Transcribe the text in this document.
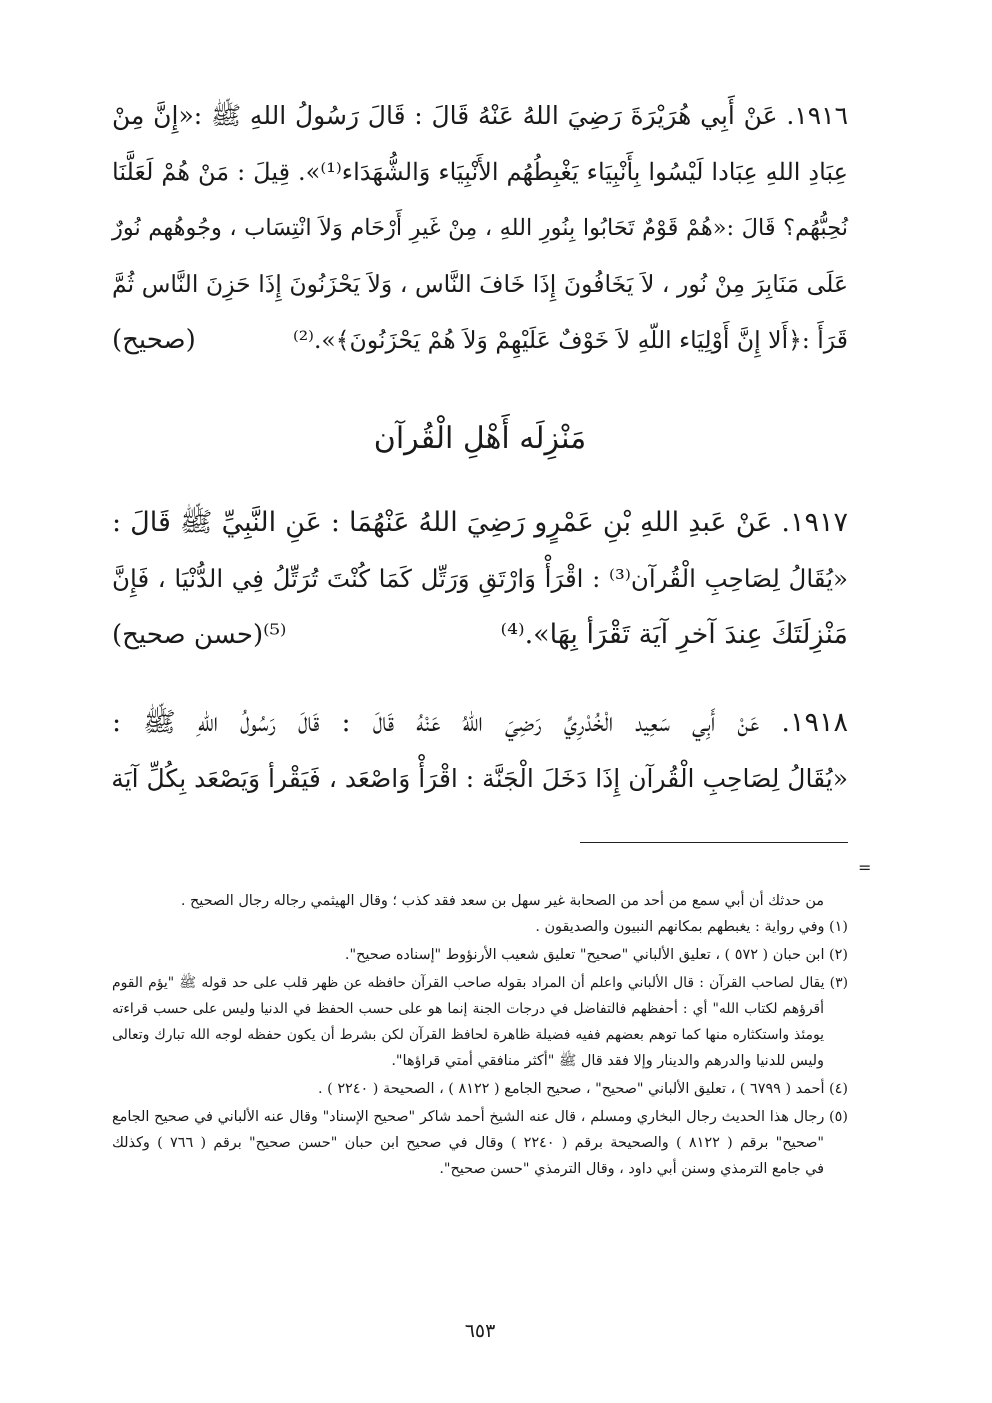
١٩١٦. عَنْ أَبِي هُرَيْرَةَ رَضِيَ اللهُ عَنْهُ قَالَ : قَالَ رَسُولُ اللهِ ﷺ :«إِنَّ مِنْ
عِبَادِ اللهِ عِبَادا لَيْسُوا بِأَنْبِيَاء يَغْبِطُهُم الأَنْبِيَاء وَالشُّهَدَاء⁽¹⁾». قِيلَ : مَنْ هُمْ لَعَلَّنَا
نُحِبُّهُم؟ قَالَ :«هُمْ قَوْمٌ تَحَابُوا بِنُورِ اللهِ ، مِنْ غَيرِ أَرْحَام وَلاَ انْتِسَاب ، وجُوهُهم نُورٌ
عَلَى مَنَابِرَ مِنْ نُور ، لاَ يَخَافُونَ إِذَا خَافَ النَّاس ، وَلاَ يَحْزَنُونَ إِذَا حَزِنَ النَّاس ثُمَّ
قَرَأَ :﴿أَلا إِنَّ أَوْلِيَاء اللّهِ لاَ خَوْفٌ عَلَيْهِمْ وَلاَ هُمْ يَحْزَنُونَ﴾».⁽²⁾
(صحيح)
مَنْزِلَه أَهْلِ الْقُرآن
١٩١٧. عَنْ عَبدِ اللهِ بْنِ عَمْرٍو رَضِيَ اللهُ عَنْهُمَا : عَنِ النَّبِيِّ ﷺ قَالَ :
«يُقَالُ لِصَاحِبِ الْقُرآن⁽³⁾ : اقْرَأْ وَارْتَقِ وَرَتِّل كَمَا كُنْتَ تُرَتِّلُ فِي الدُّنْيَا ، فَإِنَّ
مَنْزِلَتَكَ عِندَ آخرِ آيَة تَقْرَأ بِهَا».⁽⁴⁾
⁽⁵⁾(حسن صحيح)
١٩١٨. عَنْ أَبِي سَعِيد الْخُدْرِيِّ رَضِيَ اللهُ عَنْهُ قَالَ : قَالَ رَسُولُ اللهِ ﷺ :
«يُقَالُ لِصَاحِبِ الْقُرآن إِذَا دَخَلَ الْجَنَّة : اقْرَأْ وَاصْعَد ، فَيَقْرأ وَيَصْعَد بِكُلِّ آيَة
=
من حدثك أن أبي سمع من أحد من الصحابة غير سهل بن سعد فقد كذب ؛ وقال الهيثمي رجاله رجال الصحيح .
(١) وفي رواية : يغبطهم بمكانهم النبيون والصديقون .
(٢) ابن حبان ( ٥٧٢ ) ، تعليق الألباني "صحيح" تعليق شعيب الأرنؤوط "إسناده صحيح".
(٣) يقال لصاحب القرآن : قال الألباني واعلم أن المراد بقوله صاحب القرآن حافظه عن ظهر قلب على حد قوله ﷺ "يؤم القوم
أقرؤهم لكتاب الله" أي : أحفظهم فالتفاضل في درجات الجنة إنما هو على حسب الحفظ في الدنيا وليس على حسب قراءته
يومئذ واستكثاره منها كما توهم بعضهم ففيه فضيلة ظاهرة لحافظ القرآن لكن بشرط أن يكون حفظه لوجه الله تبارك وتعالى
وليس للدنيا والدرهم والدينار وإلا فقد قال ﷺ "أكثر منافقي أمتي قراؤها".
(٤) أحمد ( ٦٧٩٩ ) ، تعليق الألباني "صحيح" ، صحيح الجامع ( ٨١٢٢ ) ، الصحيحة ( ٢٢٤٠ ) .
(٥) رجال هذا الحديث رجال البخاري ومسلم ، قال عنه الشيخ أحمد شاكر "صحيح الإسناد" وقال عنه الألباني في صحيح الجامع
"صحيح" برقم ( ٨١٢٢ ) والصحيحة برقم ( ٢٢٤٠ ) وقال في صحيح ابن حبان "حسن صحيح" برقم ( ٧٦٦ ) وكذلك
في جامع الترمذي وسنن أبي داود ، وقال الترمذي "حسن صحيح".
٦٥٣
